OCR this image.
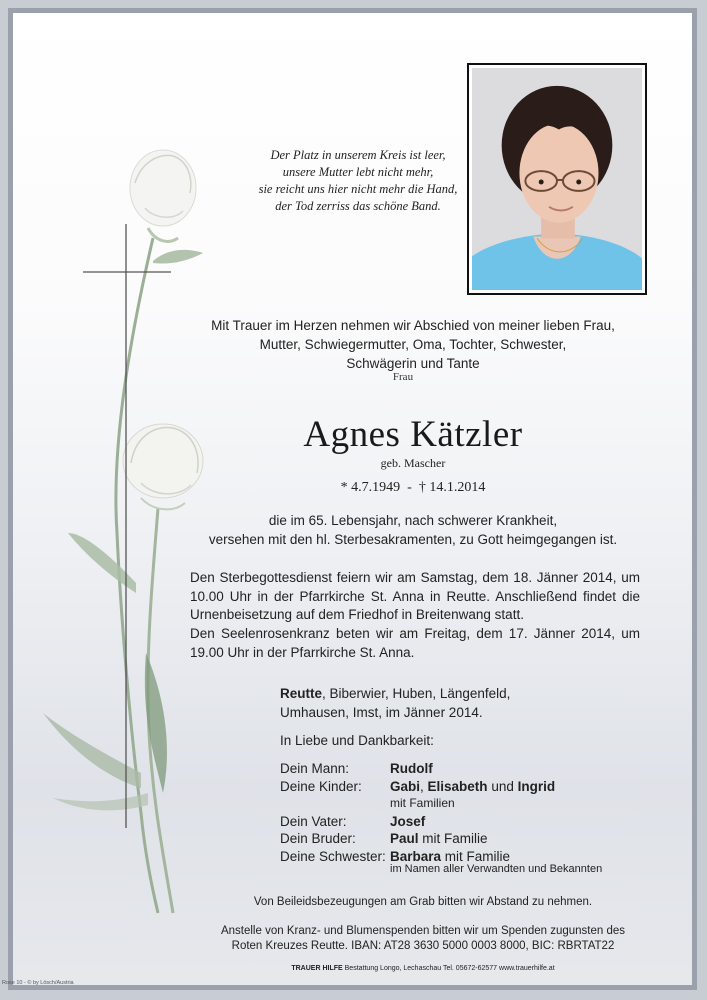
Der Platz in unserem Kreis ist leer,
unsere Mutter lebt nicht mehr,
sie reicht uns hier nicht mehr die Hand,
der Tod zerriss das schöne Band.
Mit Trauer im Herzen nehmen wir Abschied von meiner lieben Frau,
Mutter, Schwiegermutter, Oma, Tochter, Schwester,
Schwägerin und Tante
Frau
Agnes Kätzler
geb. Mascher
* 4.7.1949  -  † 14.1.2014
die im 65. Lebensjahr, nach schwerer Krankheit,
versehen mit den hl. Sterbesakramenten, zu Gott heimgegangen ist.
Den Sterbegottesdienst feiern wir am Samstag, dem 18. Jänner 2014, um 10.00 Uhr in der Pfarrkirche St. Anna in Reutte. Anschließend findet die Urnenbeisetzung auf dem Friedhof in Breitenwang statt.
Den Seelenrosenkranz beten wir am Freitag, dem 17. Jänner 2014, um 19.00 Uhr in der Pfarrkirche St. Anna.
Reutte, Biberwier, Huben, Längenfeld,
Umhausen, Imst, im Jänner 2014.
In Liebe und Dankbarkeit:
Dein Mann:	Rudolf
Deine Kinder: Gabi, Elisabeth und Ingrid
mit Familien
Dein Vater:	Josef
Dein Bruder:	Paul mit Familie
Deine Schwester: Barbara mit Familie
im Namen aller Verwandten und Bekannten
Von Beileidsbezeugungen am Grab bitten wir Abstand zu nehmen.
Anstelle von Kranz- und Blumenspenden bitten wir um Spenden zugunsten des
Roten Kreuzes Reutte. IBAN: AT28 3630 5000 0003 8000, BIC: RBRTAT22
TRAUER HILFE Bestattung Longo, Lechaschau Tel. 05672-62577 www.trauerhilfe.at
Rose 10 - © by Lösch/Austria
